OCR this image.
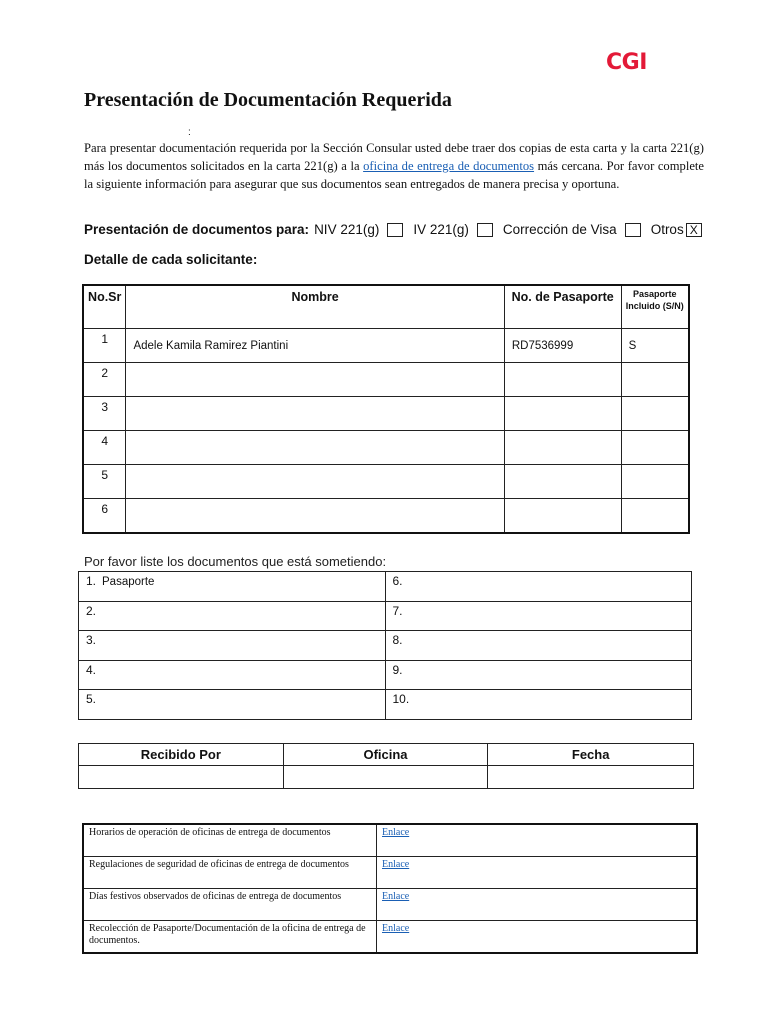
CGI
Presentación de Documentación Requerida
:
Para presentar documentación requerida por la Sección Consular usted debe traer dos copias de esta carta y la carta 221(g) más los documentos solicitados en la carta 221(g) a la oficina de entrega de documentos más cercana. Por favor complete la siguiente información para asegurar que sus documentos sean entregados de manera precisa y oportuna.
Presentación de documentos para: NIV 221(g)	IV 221(g)	Corrección de Visa	Otros X
Detalle de cada solicitante:
No.Sr	Nombre	No. de Pasaporte	Pasaporte Incluido (S/N)
1	Adele Kamila Ramirez Piantini	RD7536999	S
2			
3			
4			
5			
6			
Por favor liste los documentos que está sometiendo:
1. Pasaporte	6.
2.	7.
3.	8.
4.	9.
5.	10.
Recibido Por	Oficina	Fecha

Horarios de operación de oficinas de entrega de documentos	Enlace
Regulaciones de seguridad de oficinas de entrega de documentos	Enlace
Días festivos observados de oficinas de entrega de documentos	Enlace
Recolección de Pasaporte/Documentación de la oficina de entrega de documentos.	Enlace
